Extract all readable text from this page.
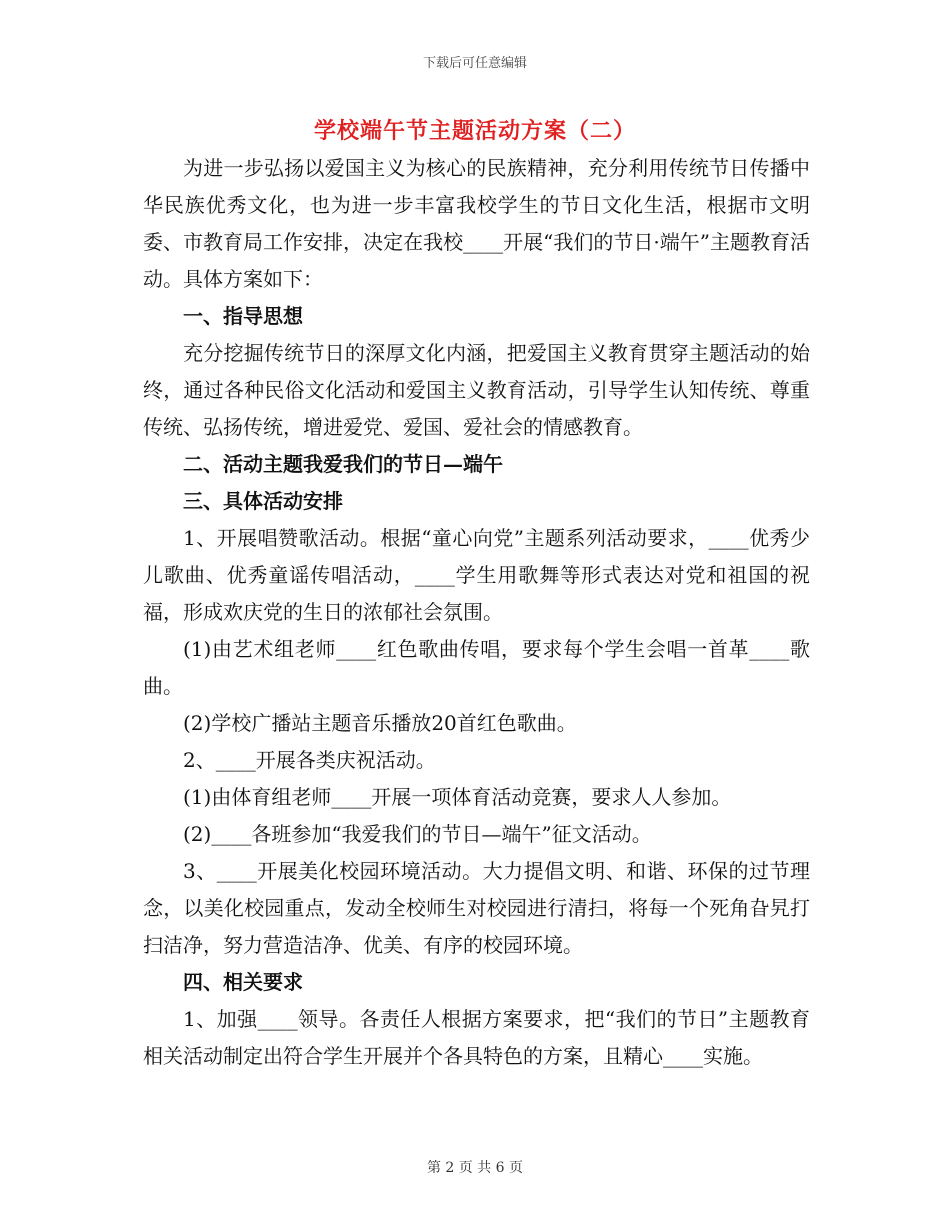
下载后可任意编辑
学校端午节主题活动方案（二）

为进一步弘扬以爱国主义为核心的民族精神，充分利用传统节日传播中华民族优秀文化，也为进一步丰富我校学生的节日文化生活，根据市文明委、市教育局工作安排，决定在我校____开展“我们的节日·端午”主题教育活动。具体方案如下：

一、指导思想

充分挖掘传统节日的深厚文化内涵，把爱国主义教育贯穿主题活动的始终，通过各种民俗文化活动和爱国主义教育活动，引导学生认知传统、尊重传统、弘扬传统，增进爱党、爱国、爱社会的情感教育。

二、活动主题我爱我们的节日—端午

三、具体活动安排

1、开展唱赞歌活动。根据“童心向党”主题系列活动要求，____优秀少儿歌曲、优秀童谣传唱活动，____学生用歌舞等形式表达对党和祖国的祝福，形成欢庆党的生日的浓郁社会氛围。

(1)由艺术组老师____红色歌曲传唱，要求每个学生会唱一首革____歌曲。

(2)学校广播站主题音乐播放20首红色歌曲。

2、____开展各类庆祝活动。

(1)由体育组老师____开展一项体育活动竞赛，要求人人参加。

(2)____各班参加“我爱我们的节日—端午”征文活动。

3、____开展美化校园环境活动。大力提倡文明、和谐、环保的过节理念，以美化校园重点，发动全校师生对校园进行清扫，将每一个死角旮旯打扫洁净，努力营造洁净、优美、有序的校园环境。

四、相关要求

1、加强____领导。各责任人根据方案要求，把“我们的节日”主题教育相关活动制定出符合学生开展并个各具特色的方案，且精心____实施。

第 2 页 共 6 页
